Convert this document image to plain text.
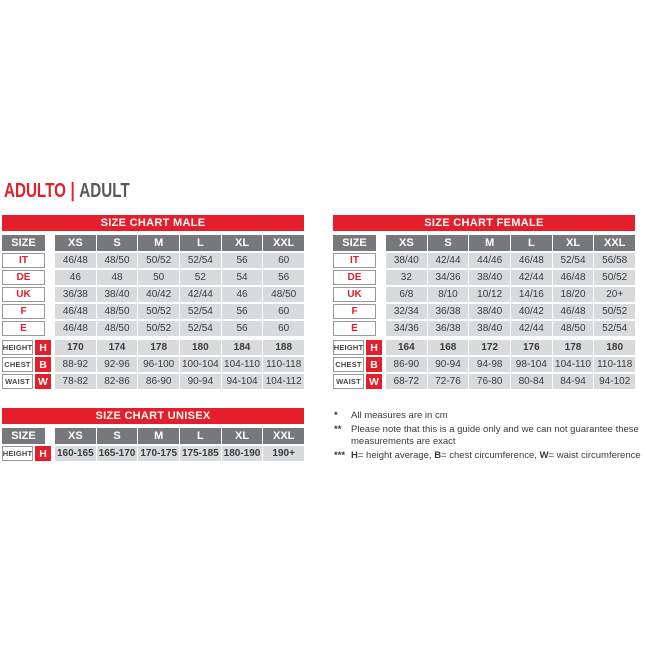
ADULTO | ADULT
SIZE CHART MALE
SIZE	XS	S	M	L	XL	XXL
IT	46/48	48/50	50/52	52/54	56	60
DE	46	48	50	52	54	56
UK	36/38	38/40	40/42	42/44	46	48/50
F	46/48	48/50	50/52	52/54	56	60
E	46/48	48/50	50/52	52/54	56	60
HEIGHT H	170	174	178	180	184	188
CHEST B	88-92	92-96	96-100 100-104 104-110 110-118
WAIST W	78-82	82-86	86-90	90-94	94-104 104-112
SIZE CHART FEMALE
SIZE	XS	S	M	L	XL	XXL
IT	38/40	42/44	44/46	46/48	52/54	56/58
DE	32	34/36	38/40	42/44	46/48	50/52
UK	6/8	8/10	10/12	14/16	18/20	20+
F	32/34	36/38	38/40	40/42	46/48	50/52
E	34/36	36/38	38/40	42/44	48/50	52/54
HEIGHT H	164	168	172	176	178	180
CHEST B	86-90	90-94	94-98	98-104 104-110 110-118
WAIST W	68-72	72-76	76-80	80-84	84-94	94-102
SIZE CHART UNISEX
SIZE	XS	S	M	L	XL	XXL
HEIGHT H	160-165 165-170 170-175 175-185 180-190	190+
*	All measures are in cm
**	Please note that this is a guide only and we can not guarantee these measurements are exact
*** H= height average, B= chest circumference, W= waist circumference
